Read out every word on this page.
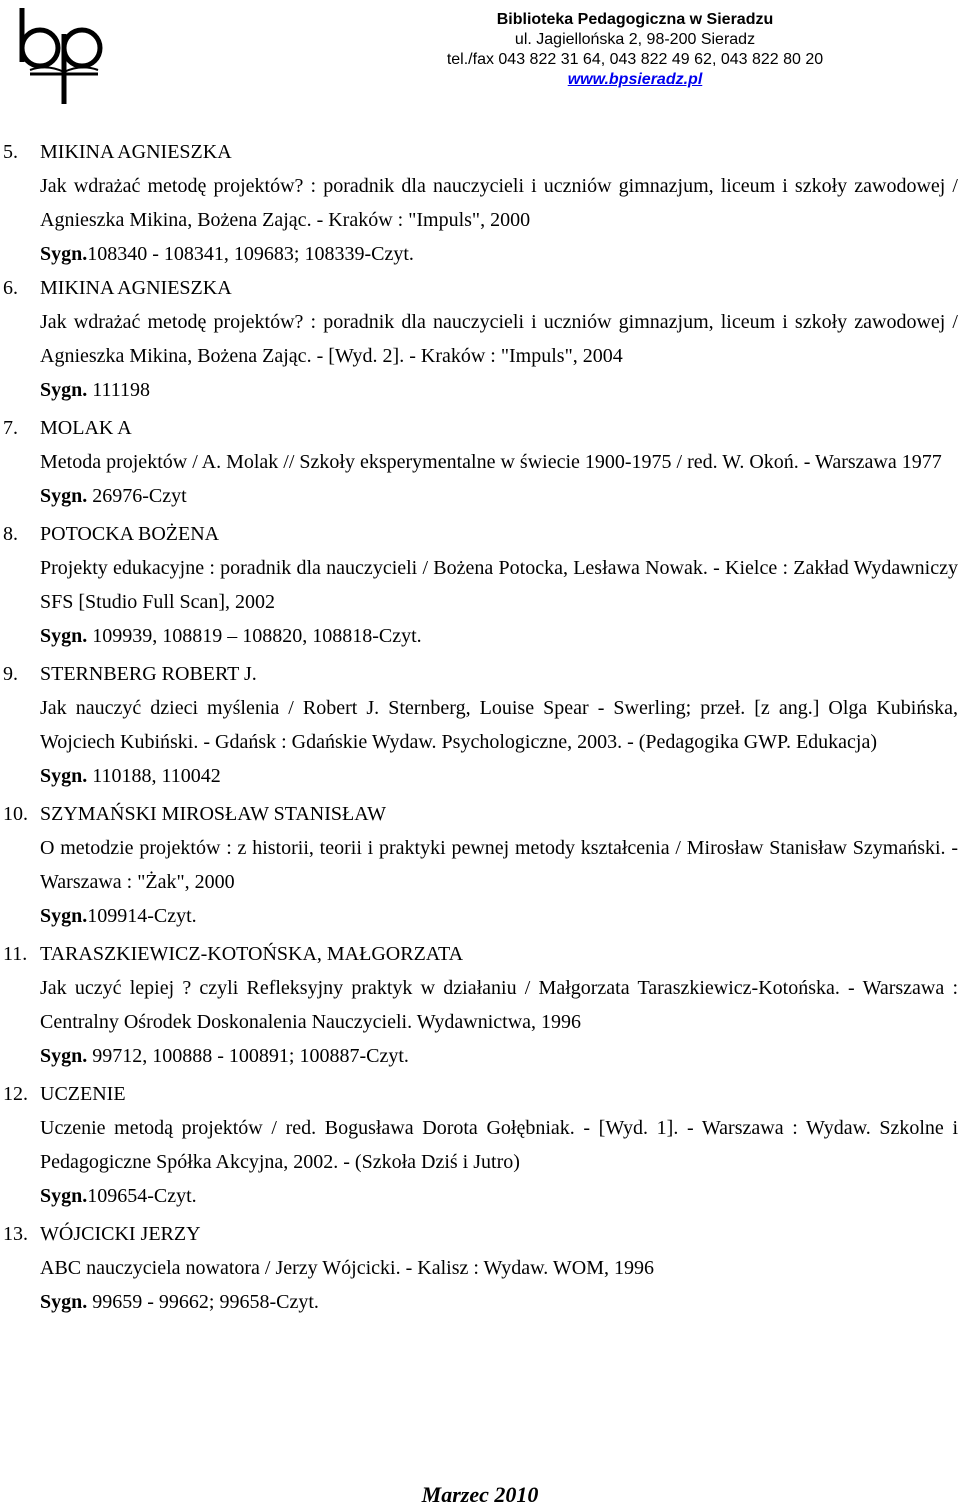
Biblioteka Pedagogiczna w Sieradzu
ul. Jagiellońska 2, 98-200 Sieradz
tel./fax 043 822 31 64, 043 822 49 62, 043 822 80 20
www.bpsieradz.pl
5. MIKINA AGNIESZKA
Jak wdrażać metodę projektów? : poradnik dla nauczycieli i uczniów gimnazjum, liceum i szkoły zawodowej / Agnieszka Mikina, Bożena Zając. - Kraków : "Impuls", 2000
Sygn.108340 - 108341, 109683; 108339-Czyt.
6. MIKINA AGNIESZKA
Jak wdrażać metodę projektów? : poradnik dla nauczycieli i uczniów gimnazjum, liceum i szkoły zawodowej / Agnieszka Mikina, Bożena Zając. - [Wyd. 2]. - Kraków : "Impuls", 2004
Sygn. 111198
7. MOLAK A
Metoda projektów / A. Molak // Szkoły eksperymentalne w świecie 1900-1975 / red. W. Okoń. - Warszawa 1977
Sygn. 26976-Czyt
8. POTOCKA BOŻENA
Projekty edukacyjne : poradnik dla nauczycieli / Bożena Potocka, Lesława Nowak. - Kielce : Zakład Wydawniczy SFS [Studio Full Scan], 2002
Sygn. 109939, 108819 – 108820, 108818-Czyt.
9. STERNBERG ROBERT J.
Jak nauczyć dzieci myślenia / Robert J. Sternberg, Louise Spear - Swerling; przeł. [z ang.] Olga Kubińska, Wojciech Kubiński. - Gdańsk : Gdańskie Wydaw. Psychologiczne, 2003. - (Pedagogika GWP. Edukacja)
Sygn. 110188, 110042
10. SZYMAŃSKI MIROSŁAW STANISŁAW
O metodzie projektów : z historii, teorii i praktyki pewnej metody kształcenia / Mirosław Stanisław Szymański. - Warszawa : "Żak", 2000
Sygn.109914-Czyt.
11. TARASZKIEWICZ-KOTOŃSKA, MAŁGORZATA
Jak uczyć lepiej ? czyli Refleksyjny praktyk w działaniu / Małgorzata Taraszkiewicz-Kotońska. - Warszawa : Centralny Ośrodek Doskonalenia Nauczycieli. Wydawnictwa, 1996
Sygn. 99712, 100888 - 100891; 100887-Czyt.
12. UCZENIE
Uczenie metodą projektów / red. Bogusława Dorota Gołębniak. - [Wyd. 1]. - Warszawa : Wydaw. Szkolne i Pedagogiczne Spółka Akcyjna, 2002. - (Szkoła Dziś i Jutro)
Sygn.109654-Czyt.
13. WÓJCICKI JERZY
ABC nauczyciela nowatora / Jerzy Wójcicki. - Kalisz : Wydaw. WOM, 1996
Sygn. 99659 - 99662; 99658-Czyt.
Marzec 2010
